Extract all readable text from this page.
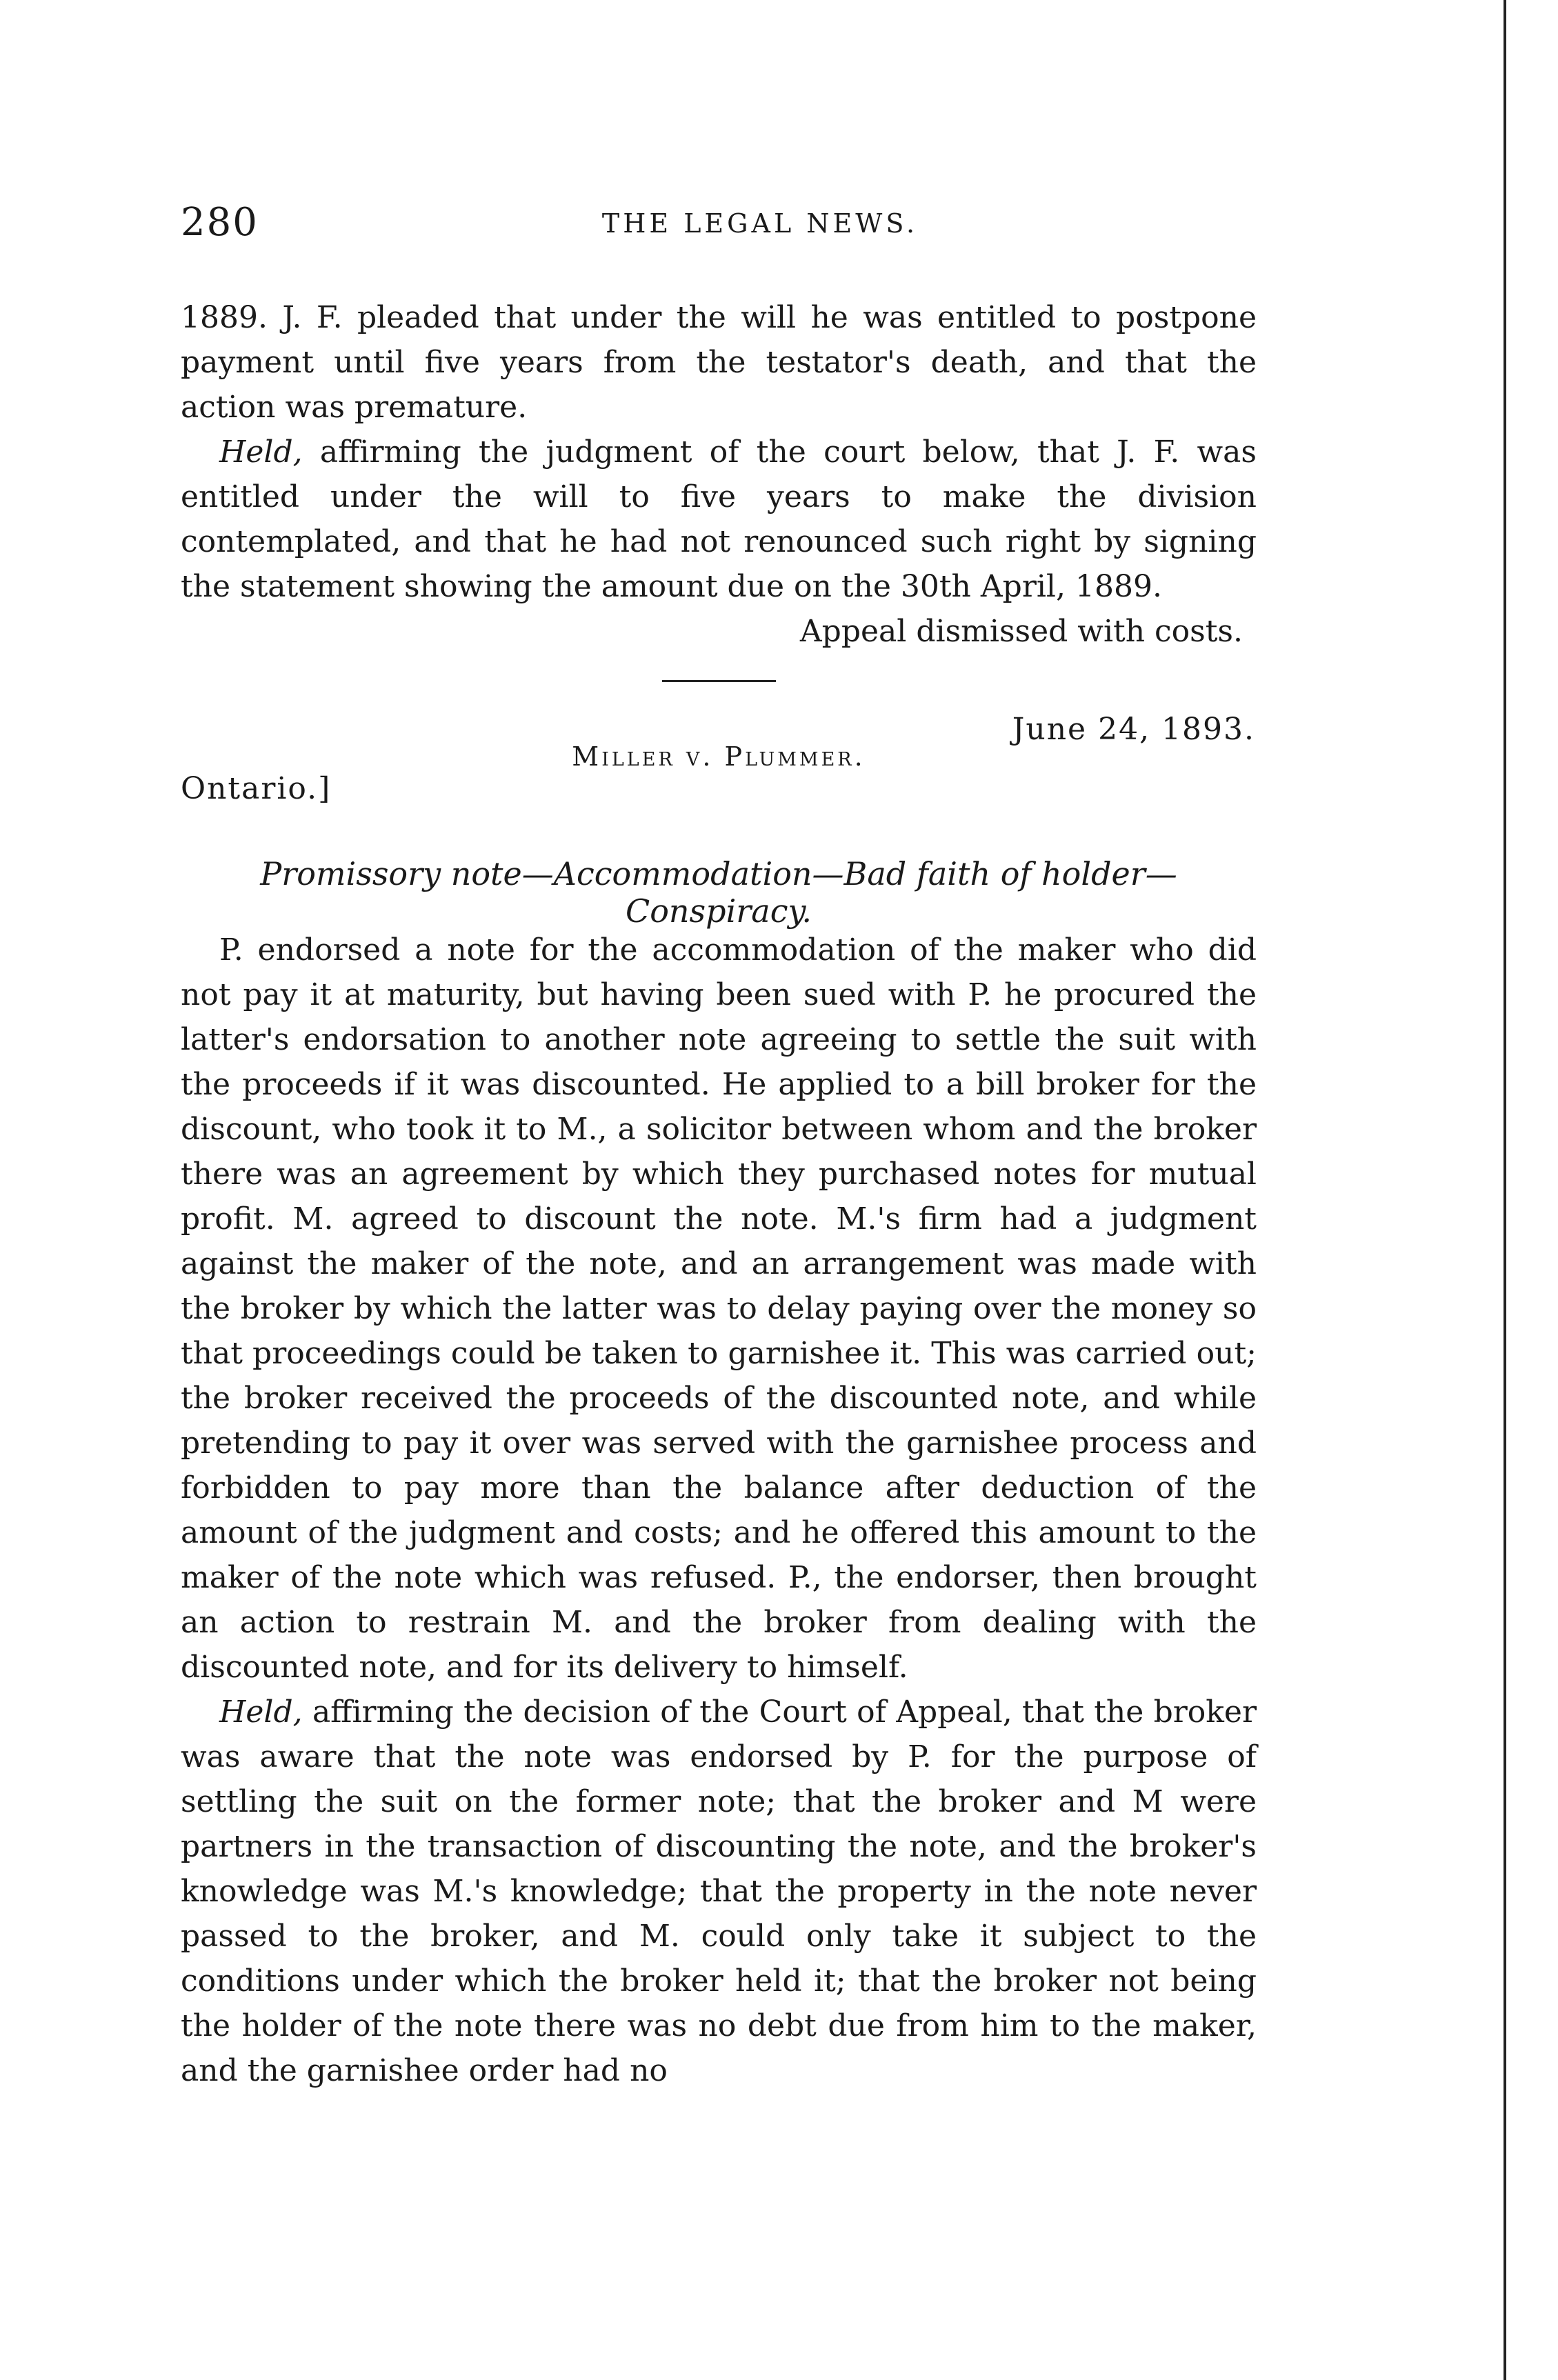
280	THE LEGAL NEWS.

1889. J. F. pleaded that under the will he was entitled to postpone payment until five years from the testator's death, and that the action was premature.

Held, affirming the judgment of the court below, that J. F. was entitled under the will to five years to make the division contemplated, and that he had not renounced such right by signing the statement showing the amount due on the 30th April, 1889.

Appeal dismissed with costs.

June 24, 1893.
Miller v. Plummer.
Ontario.]
Promissory note—Accommodation—Bad faith of holder—Conspiracy.

P. endorsed a note for the accommodation of the maker who did not pay it at maturity, but having been sued with P. he procured the latter's endorsation to another note agreeing to settle the suit with the proceeds if it was discounted. He applied to a bill broker for the discount, who took it to M., a solicitor between whom and the broker there was an agreement by which they purchased notes for mutual profit. M. agreed to discount the note. M.'s firm had a judgment against the maker of the note, and an arrangement was made with the broker by which the latter was to delay paying over the money so that proceedings could be taken to garnishee it. This was carried out; the broker received the proceeds of the discounted note, and while pretending to pay it over was served with the garnishee process and forbidden to pay more than the balance after deduction of the amount of the judgment and costs; and he offered this amount to the maker of the note which was refused. P., the endorser, then brought an action to restrain M. and the broker from dealing with the discounted note, and for its delivery to himself.

Held, affirming the decision of the Court of Appeal, that the broker was aware that the note was endorsed by P. for the purpose of settling the suit on the former note; that the broker and M were partners in the transaction of discounting the note, and the broker's knowledge was M.'s knowledge; that the property in the note never passed to the broker, and M. could only take it subject to the conditions under which the broker held it; that the broker not being the holder of the note there was no debt due from him to the maker, and the garnishee order had no
